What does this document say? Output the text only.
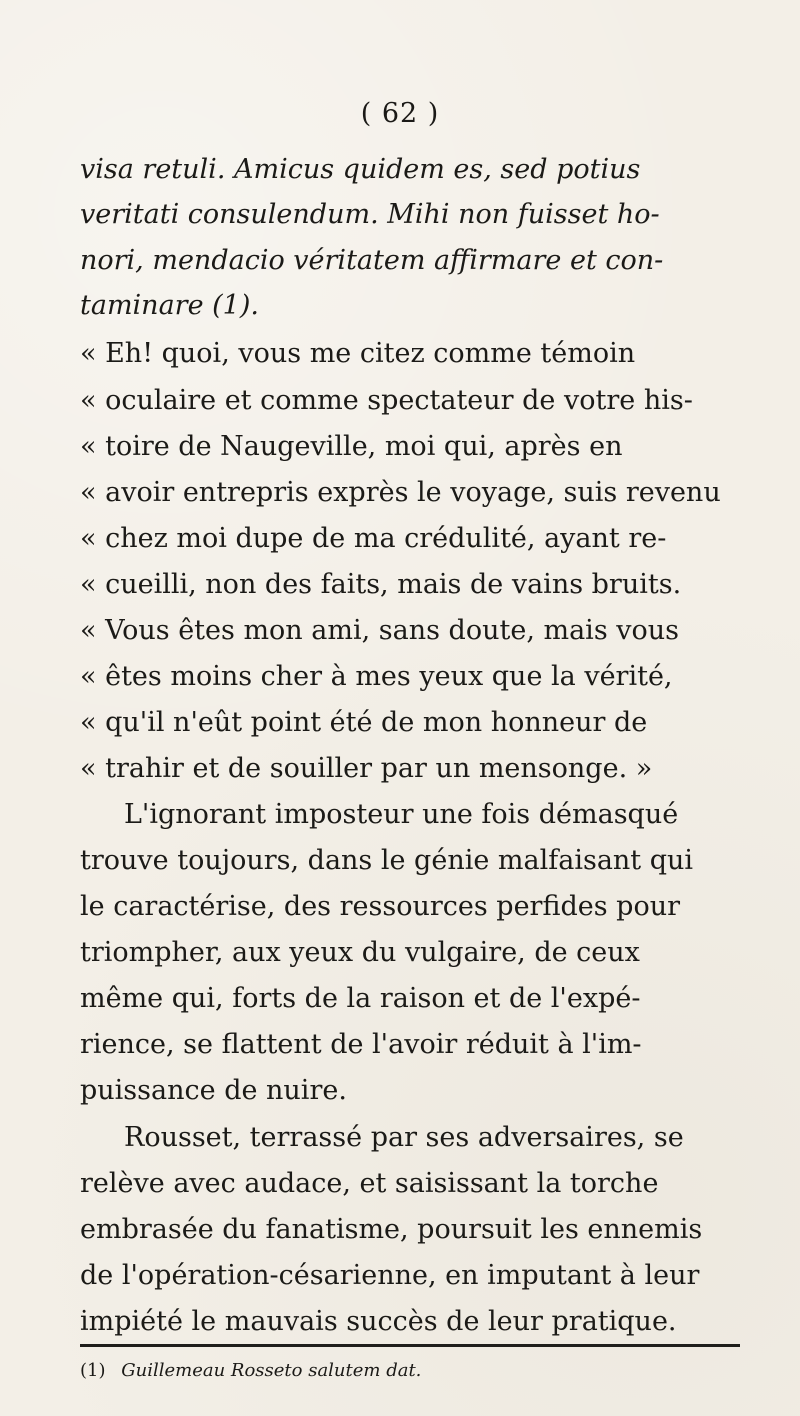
( 62 )
visa retuli. Amicus quidem es, sed potius
veritati consulendum. Mihi non fuisset ho-
nori, mendacio véritatem affirmare et con-
taminare (1).
« Eh! quoi, vous me citez comme témoin
« oculaire et comme spectateur de votre his-
« toire de Naugeville, moi qui, après en
« avoir entrepris exprès le voyage, suis revenu
« chez moi dupe de ma crédulité, ayant re-
« cueilli, non des faits, mais de vains bruits.
« Vous êtes mon ami, sans doute, mais vous
« êtes moins cher à mes yeux que la vérité,
« qu'il n'eût point été de mon honneur de
« trahir et de souiller par un mensonge. »
L'ignorant imposteur une fois démasqué
trouve toujours, dans le génie malfaisant qui
le caractérise, des ressources perfides pour
triompher, aux yeux du vulgaire, de ceux
même qui, forts de la raison et de l'expé-
rience, se flattent de l'avoir réduit à l'im-
puissance de nuire.
Rousset, terrassé par ses adversaires, se
relève avec audace, et saisissant la torche
embrasée du fanatisme, poursuit les ennemis
de l'opération-césarienne, en imputant à leur
impiété le mauvais succès de leur pratique.
(1) Guillemeau Rosseto salutem dat.
